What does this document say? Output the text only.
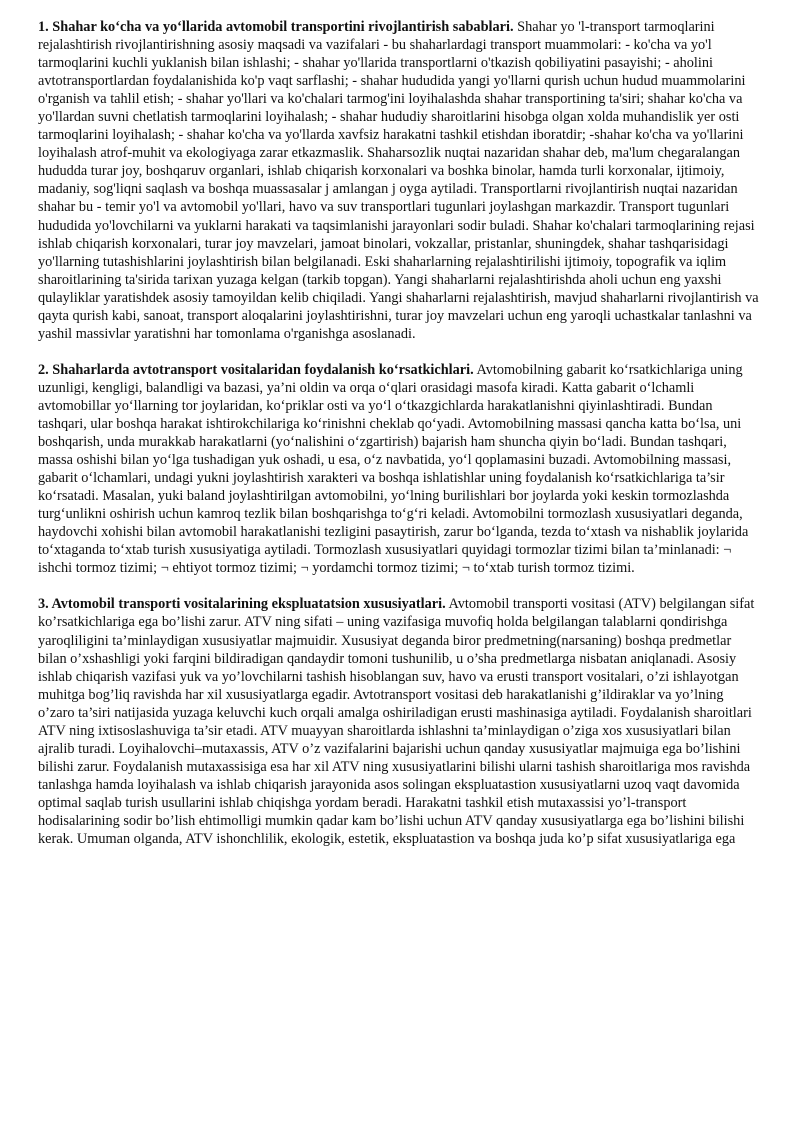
1. Shahar ko‘cha va yo‘llarida avtomobil transportini rivojlantirish sabablari. Shahar yo 'l-transport tarmoqlarini rejalashtirish rivojlantirishning asosiy maqsadi va vazifalari - bu shaharlardagi transport muammolari: - ko'cha va yo'l tarmoqlarini kuchli yuklanish bilan ishlashi; - shahar yo'llarida transportlarni o'tkazish qobiliyatini pasayishi; - aholini avtotransportlardan foydalanishida ko'p vaqt sarflashi; - shahar hududida yangi yo'llarni qurish uchun hudud muammolarini o'rganish va tahlil etish; - shahar yo'llari va ko'chalari tarmog'ini loyihalashda shahar transportining ta'siri; shahar ko'cha va yo'llardan suvni chetlatish tarmoqlarini loyihalash; - shahar hududiy sharoitlarini hisobga olgan xolda muhandislik yer osti tarmoqlarini loyihalash; - shahar ko'cha va yo'llarda xavfsiz harakatni tashkil etishdan iboratdir; -shahar ko'cha va yo'llarini loyihalash atrof-muhit va ekologiyaga zarar etkazmaslik. Shaharsozlik nuqtai nazaridan shahar deb, ma'lum chegaralangan hududda turar joy, boshqaruv organlari, ishlab chiqarish korxonalari va boshka binolar, hamda turli korxonalar, ijtimoiy, madaniy, sog'liqni saqlash va boshqa muassasalar j amlangan j oyga aytiladi. Transportlarni rivojlantirish nuqtai nazaridan shahar bu - temir yo'l va avtomobil yo'llari, havo va suv transportlari tugunlari joylashgan markazdir. Transport tugunlari hududida yo'lovchilarni va yuklarni harakati va taqsimlanishi jarayonlari sodir buladi. Shahar ko'chalari tarmoqlarining rejasi ishlab chiqarish korxonalari, turar joy mavzelari, jamoat binolari, vokzallar, pristanlar, shuningdek, shahar tashqarisidagi yo'llarning tutashishlarini joylashtirish bilan belgilanadi. Eski shaharlarning rejalashtirilishi ijtimoiy, topografik va iqlim sharoitlarining ta'sirida tarixan yuzaga kelgan (tarkib topgan). Yangi shaharlarni rejalashtirishda aholi uchun eng yaxshi qulayliklar yaratishdek asosiy tamoyildan kelib chiqiladi. Yangi shaharlarni rejalashtirish, mavjud shaharlarni rivojlantirish va qayta qurish kabi, sanoat, transport aloqalarini joylashtirishni, turar joy mavzelari uchun eng yaroqli uchastkalar tanlashni va yashil massivlar yaratishni har tomonlama o'rganishga asoslanadi.

2. Shaharlarda avtotransport vositalaridan foydalanish ko‘rsatkichlari. Avtomobilning gabarit ko‘rsatkichlariga uning uzunligi, kengligi, balandligi va bazasi, ya’ni oldin va orqa o‘qlari orasidagi masofa kiradi. Katta gabarit o‘lchamli avtomobillar yo‘llarning tor joylaridan, ko‘priklar osti va yo‘l o‘tkazgichlarda harakatlanishni qiyinlashtiradi. Bundan tashqari, ular boshqa harakat ishtirokchilariga ko‘rinishni cheklab qo‘yadi. Avtomobilning massasi qancha katta bo‘lsa, uni boshqarish, unda murakkab harakatlarni (yo‘nalishini o‘zgartirish) bajarish ham shuncha qiyin bo‘ladi. Bundan tashqari, massa oshishi bilan yo‘lga tushadigan yuk oshadi, u esa, o‘z navbatida, yo‘l qoplamasini buzadi. Avtomobilning massasi, gabarit o‘lchamlari, undagi yukni joylashtirish xarakteri va boshqa ishlatishlar uning foydalanish ko‘rsatkichlariga ta’sir ko‘rsatadi. Masalan, yuki baland joylashtirilgan avtomobilni, yo‘lning burilishlari bor joylarda yoki keskin tormozlashda turg‘unlikni oshirish uchun kamroq tezlik bilan boshqarishga to‘g‘ri keladi. Avtomobilni tormozlash xususiyatlari deganda, haydovchi xohishi bilan avtomobil harakatlanishi tezligini pasaytirish, zarur bo‘lganda, tezda to‘xtash va nishablik joylarida to‘xtaganda to‘xtab turish xususiyatiga aytiladi. Tormozlash xususiyatlari quyidagi tormozlar tizimi bilan ta’minlanadi: ¬ ishchi tormoz tizimi; ¬ ehtiyot tormoz tizimi; ¬ yordamchi tormoz tizimi; ¬ to‘xtab turish tormoz tizimi.

3. Avtomobil transporti vositalarining ekspluatatsion xususiyatlari. Avtomobil transporti vositasi (ATV) belgilangan sifat ko’rsatkichlariga ega bo’lishi zarur. ATV ning sifati – uning vazifasiga muvofiq holda belgilangan talablarni qondirishga yaroqliligini ta’minlaydigan xususiyatlar majmuidir. Xususiyat deganda biror predmetning(narsaning) boshqa predmetlar bilan o’xshashligi yoki farqini bildiradigan qandaydir tomoni tushunilib, u o’sha predmetlarga nisbatan aniqlanadi. Asosiy ishlab chiqarish vazifasi yuk va yo’lovchilarni tashish hisoblangan suv, havo va erusti transport vositalari, o’zi ishlayotgan muhitga bog’liq ravishda har xil xususiyatlarga egadir. Avtotransport vositasi deb harakatlanishi g’ildiraklar va yo’lning o’zaro ta’siri natijasida yuzaga keluvchi kuch orqali amalga oshiriladigan erusti mashinasiga aytiladi. Foydalanish sharoitlari ATV ning ixtisoslashuviga ta’sir etadi. ATV muayyan sharoitlarda ishlashni ta’minlaydigan o’ziga xos xususiyatlari bilan ajralib turadi. Loyihalovchi–mutaxassis, ATV o’z vazifalarini bajarishi uchun qanday xususiyatlar majmuiga ega bo’lishini bilishi zarur. Foydalanish mutaxassisiga esa har xil ATV ning xususiyatlarini bilishi ularni tashish sharoitlariga mos ravishda tanlashga hamda loyihalash va ishlab chiqarish jarayonida asos solingan ekspluatastion xususiyatlarni uzoq vaqt davomida optimal saqlab turish usullarini ishlab chiqishga yordam beradi. Harakatni tashkil etish mutaxassisi yo’l-transport hodisalarining sodir bo’lish ehtimolligi mumkin qadar kam bo’lishi uchun ATV qanday xususiyatlarga ega bo’lishini bilishi kerak. Umuman olganda, ATV ishonchlilik, ekologik, estetik, ekspluatastion va boshqa juda ko’p sifat xususiyatlariga ega
